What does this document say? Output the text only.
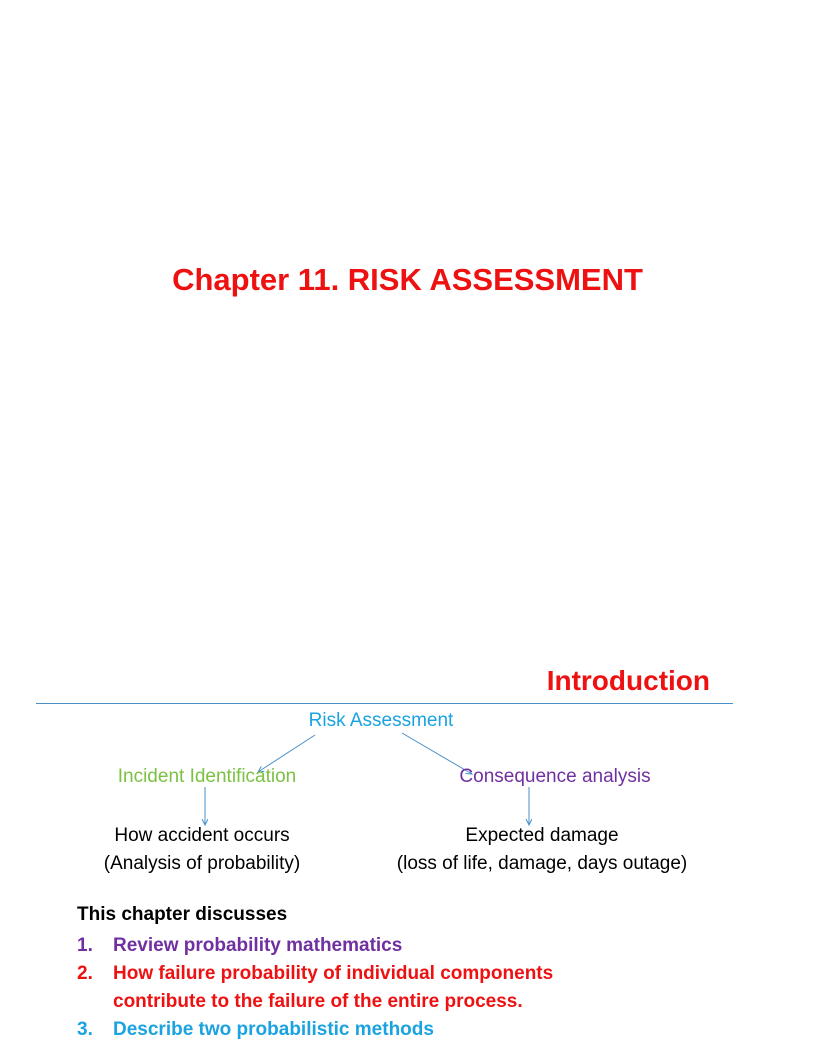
Chapter 11. RISK ASSESSMENT
Introduction
Risk Assessment
Incident Identification	Consequence analysis
How accident occurs
(Analysis of probability)
Expected damage
(loss of life, damage, days outage)
This chapter discusses
1. Review probability mathematics
2. How failure probability of individual components
contribute to the failure of the entire process.
3. Describe two probabilistic methods
